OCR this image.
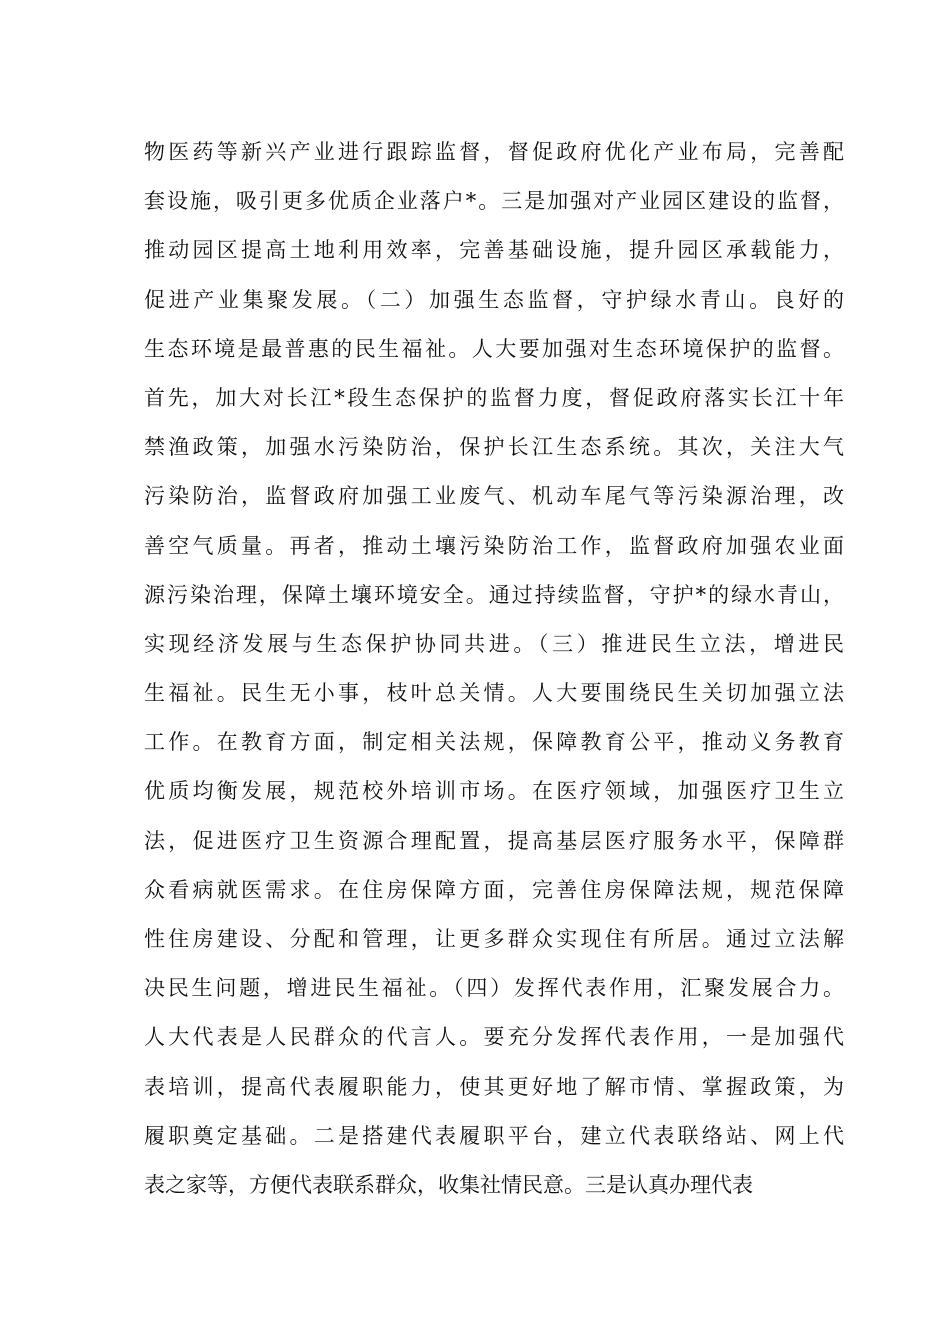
物医药等新兴产业进行跟踪监督，督促政府优化产业布局，完善配
套设施，吸引更多优质企业落户*。三是加强对产业园区建设的监督，
推动园区提高土地利用效率，完善基础设施，提升园区承载能力，
促进产业集聚发展。（二）加强生态监督，守护绿水青山。良好的
生态环境是最普惠的民生福祉。人大要加强对生态环境保护的监督。
首先，加大对长江*段生态保护的监督力度，督促政府落实长江十年
禁渔政策，加强水污染防治，保护长江生态系统。其次，关注大气
污染防治，监督政府加强工业废气、机动车尾气等污染源治理，改
善空气质量。再者，推动土壤污染防治工作，监督政府加强农业面
源污染治理，保障土壤环境安全。通过持续监督，守护*的绿水青山，
实现经济发展与生态保护协同共进。（三）推进民生立法，增进民
生福祉。民生无小事，枝叶总关情。人大要围绕民生关切加强立法
工作。在教育方面，制定相关法规，保障教育公平，推动义务教育
优质均衡发展，规范校外培训市场。在医疗领域，加强医疗卫生立
法，促进医疗卫生资源合理配置，提高基层医疗服务水平，保障群
众看病就医需求。在住房保障方面，完善住房保障法规，规范保障
性住房建设、分配和管理，让更多群众实现住有所居。通过立法解
决民生问题，增进民生福祉。（四）发挥代表作用，汇聚发展合力。
人大代表是人民群众的代言人。要充分发挥代表作用，一是加强代
表培训，提高代表履职能力，使其更好地了解市情、掌握政策，为
履职奠定基础。二是搭建代表履职平台，建立代表联络站、网上代
表之家等，方便代表联系群众，收集社情民意。三是认真办理代表
